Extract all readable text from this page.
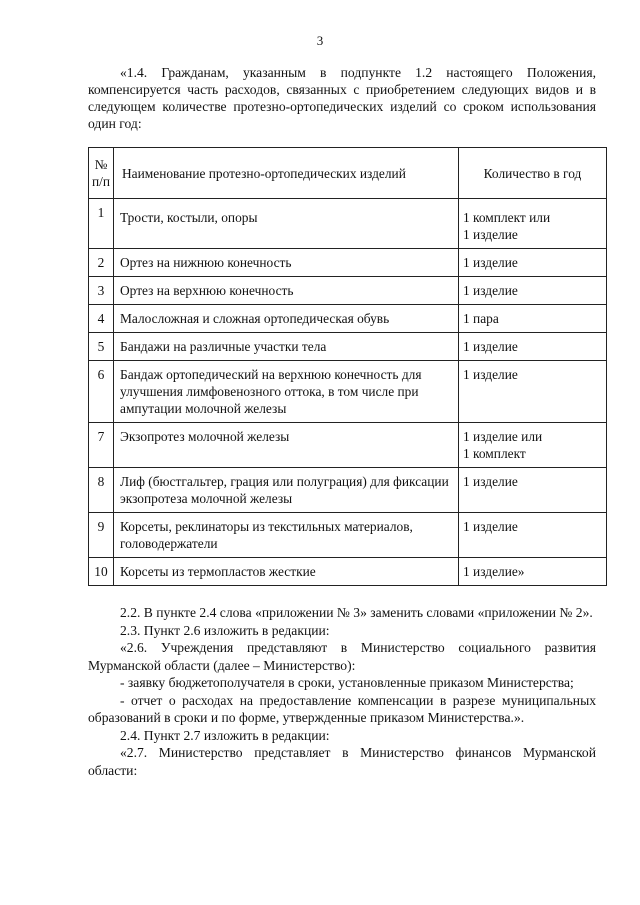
3

«1.4. Гражданам, указанным в подпункте 1.2 настоящего Положения, компенсируется часть расходов, связанных с приобретением следующих видов и в следующем количестве протезно-ортопедических изделий со сроком использования один год:

№
п/п	Наименование протезно-ортопедических изделий	Количество в год
1	Трости, костыли, опоры	1 комплект или
1 изделие

2	Ортез на нижнюю конечность	1 изделие

3	Ортез на верхнюю конечность	1 изделие

4	Малосложная и сложная ортопедическая обувь	1 пара

5	Бандажи на различные участки тела	1 изделие

6	Бандаж ортопедический на верхнюю конечность для улучшения лимфовенозного оттока, в том числе при ампутации молочной железы	1 изделие

7	Экзопротез молочной железы	1 изделие или
1 комплект

8	Лиф (бюстгальтер, грация или полуграция) для фиксации экзопротеза молочной железы	1 изделие

9	Корсеты, реклинаторы из текстильных материалов, головодержатели	1 изделие

10	Корсеты из термопластов жесткие	1 изделие»

2.2. В пункте 2.4 слова «приложении № 3» заменить словами «приложении № 2».

2.3. Пункт 2.6 изложить в редакции:

«2.6. Учреждения представляют в Министерство социального развития Мурманской области (далее – Министерство):

- заявку бюджетополучателя в сроки, установленные приказом Министерства;

- отчет о расходах на предоставление компенсации в разрезе муниципальных образований в сроки и по форме, утвержденные приказом Министерства.».

2.4. Пункт 2.7 изложить в редакции:

«2.7. Министерство представляет в Министерство финансов Мурманской области:
